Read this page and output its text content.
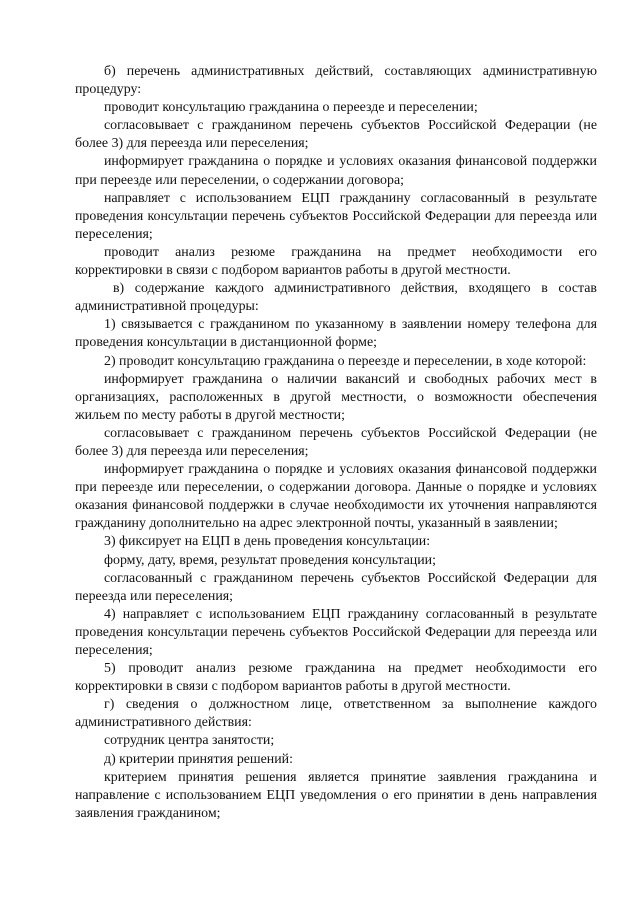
б) перечень административных действий, составляющих административную процедуру:

проводит консультацию гражданина о переезде и переселении;

согласовывает с гражданином перечень субъектов Российской Федерации (не более 3) для переезда или переселения;

информирует гражданина о порядке и условиях оказания финансовой поддержки при переезде или переселении, о содержании договора;

направляет с использованием ЕЦП гражданину согласованный в результате проведения консультации перечень субъектов Российской Федерации для переезда или переселения;

проводит анализ резюме гражданина на предмет необходимости его корректировки в связи с подбором вариантов работы в другой местности.

в) содержание каждого административного действия, входящего в состав административной процедуры:

1) связывается с гражданином по указанному в заявлении номеру телефона для проведения консультации в дистанционной форме;

2) проводит консультацию гражданина о переезде и переселении, в ходе которой:

информирует гражданина о наличии вакансий и свободных рабочих мест в организациях, расположенных в другой местности, о возможности обеспечения жильем по месту работы в другой местности;

согласовывает с гражданином перечень субъектов Российской Федерации (не более 3) для переезда или переселения;

информирует гражданина о порядке и условиях оказания финансовой поддержки при переезде или переселении, о содержании договора. Данные о порядке и условиях оказания финансовой поддержки в случае необходимости их уточнения направляются гражданину дополнительно на адрес электронной почты, указанный в заявлении;

3) фиксирует на ЕЦП в день проведения консультации:

форму, дату, время, результат проведения консультации;

согласованный с гражданином перечень субъектов Российской Федерации для переезда или переселения;

4) направляет с использованием ЕЦП гражданину согласованный в результате проведения консультации перечень субъектов Российской Федерации для переезда или переселения;

5) проводит анализ резюме гражданина на предмет необходимости его корректировки в связи с подбором вариантов работы в другой местности.

г) сведения о должностном лице, ответственном за выполнение каждого административного действия:

сотрудник центра занятости;

д) критерии принятия решений:

критерием принятия решения является принятие заявления гражданина и направление с использованием ЕЦП уведомления о его принятии в день направления заявления гражданином;
